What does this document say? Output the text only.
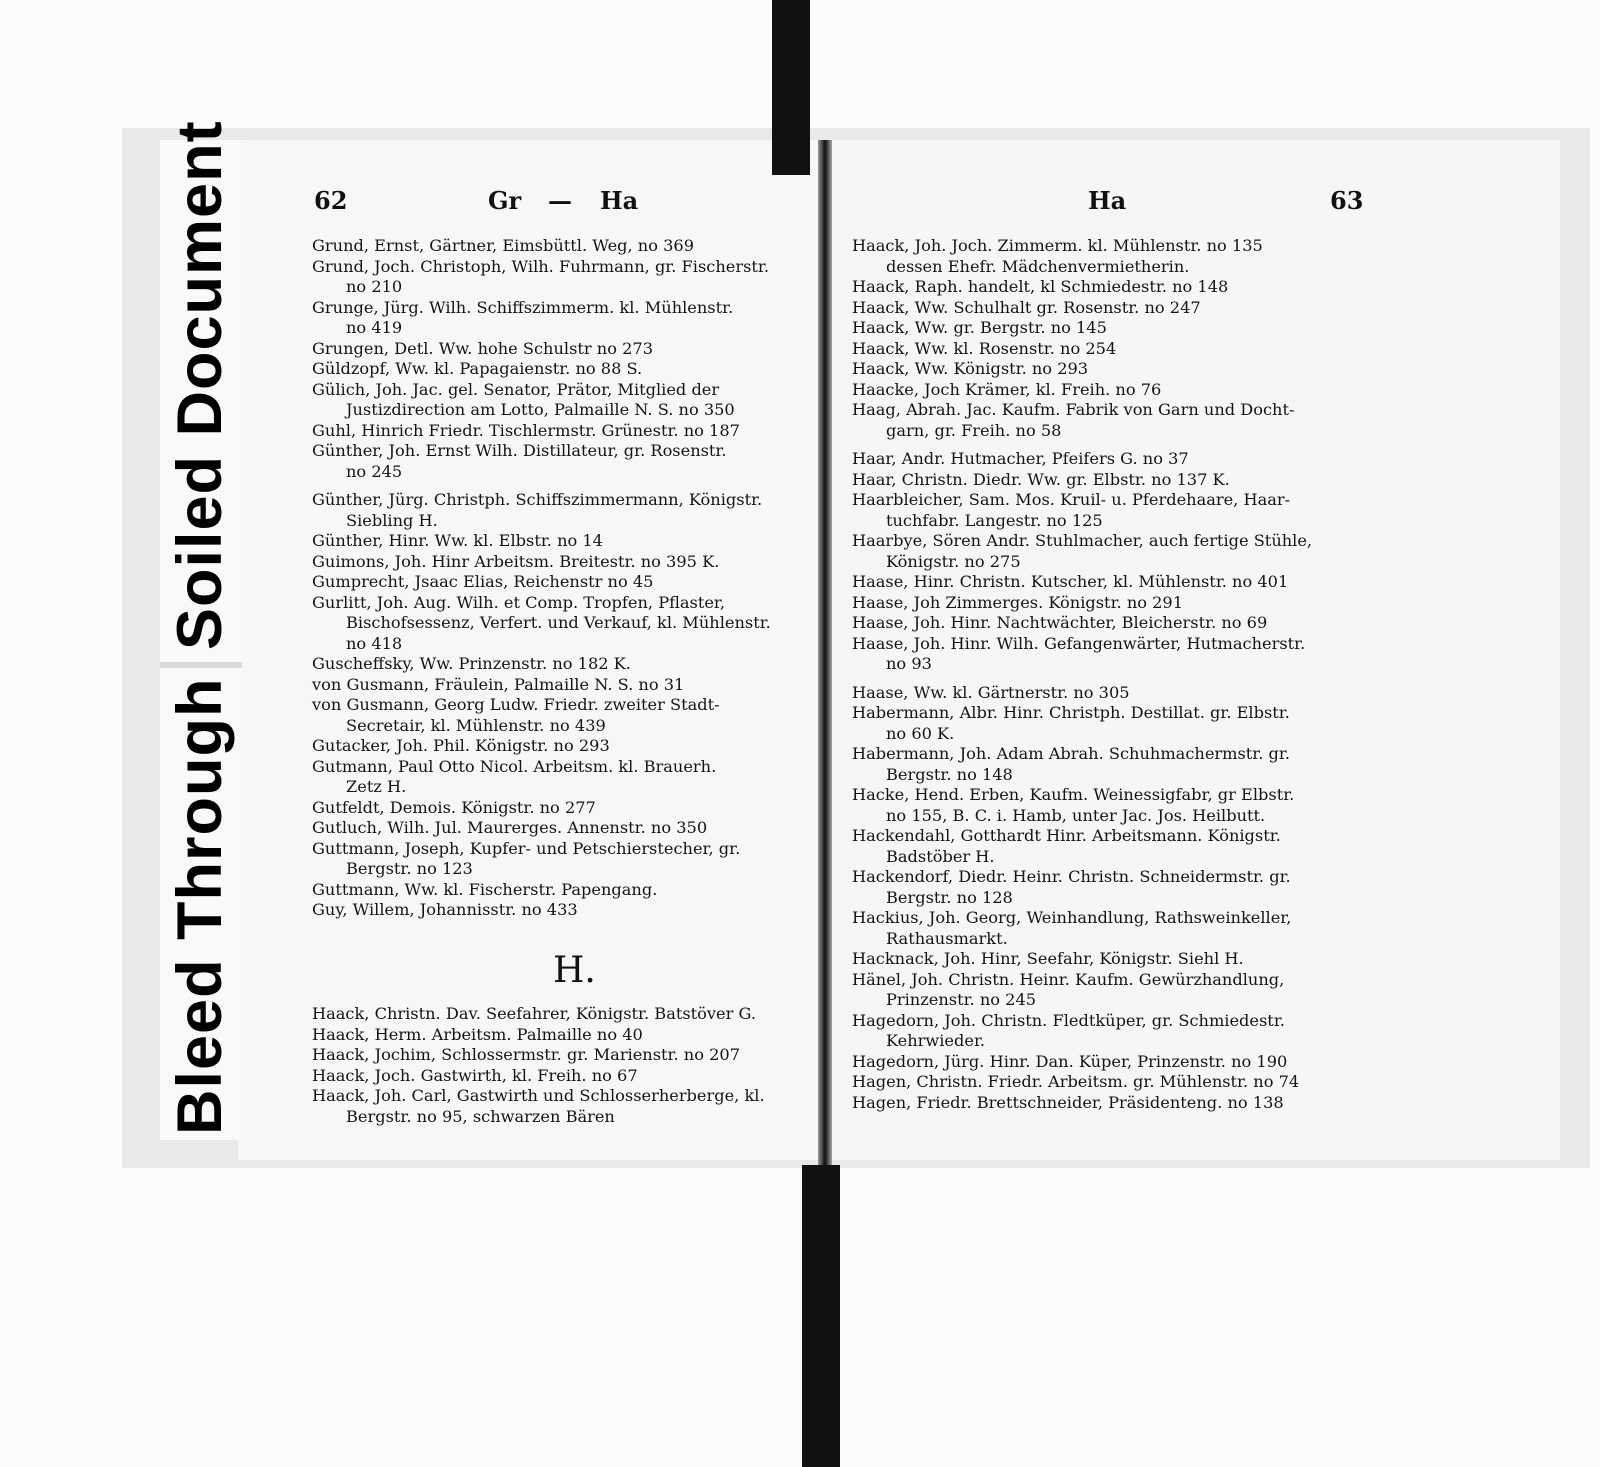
Soiled Document
Bleed Through
62	Gr — Ha	Ha	63
Grund, Ernst, Gärtner, Eimsbüttl. Weg, no 369
Grund, Joch. Christoph, Wilh. Fuhrmann, gr. Fischerstr.
no 210
Grunge, Jürg. Wilh. Schiffszimmerm. kl. Mühlenstr.
no 419
Grungen, Detl. Ww. hohe Schulstr no 273
Güldzopf, Ww. kl. Papagaienstr. no 88 S.
Gülich, Joh. Jac. gel. Senator, Prätor, Mitglied der
Justizdirection am Lotto, Palmaille N. S. no 350
Guhl, Hinrich Friedr. Tischlermstr. Grünestr. no 187
Günther, Joh. Ernst Wilh. Distillateur, gr. Rosenstr.
no 245
Günther, Jürg. Christph. Schiffszimmermann, Königstr.
Siebling H.
Günther, Hinr. Ww. kl. Elbstr. no 14
Guimons, Joh. Hinr Arbeitsm. Breitestr. no 395 K.
Gumprecht, Jsaac Elias, Reichenstr no 45
Gurlitt, Joh. Aug. Wilh. et Comp. Tropfen, Pflaster,
Bischofsessenz, Verfert. und Verkauf, kl. Mühlenstr.
no 418
Guscheffsky, Ww. Prinzenstr. no 182 K.
von Gusmann, Fräulein, Palmaille N. S. no 31
von Gusmann, Georg Ludw. Friedr. zweiter Stadt-
Secretair, kl. Mühlenstr. no 439
Gutacker, Joh. Phil. Königstr. no 293
Gutmann, Paul Otto Nicol. Arbeitsm. kl. Brauerh.
Zetz H.
Gutfeldt, Demois. Königstr. no 277
Gutluch, Wilh. Jul. Maurerges. Annenstr. no 350
Guttmann, Joseph, Kupfer- und Petschierstecher, gr.
Bergstr. no 123
Guttmann, Ww. kl. Fischerstr. Papengang.
Guy, Willem, Johannisstr. no 433
H.
Haack, Christn. Dav. Seefahrer, Königstr. Batstöver G.
Haack, Herm. Arbeitsm. Palmaille no 40
Haack, Jochim, Schlossermstr. gr. Marienstr. no 207
Haack, Joch. Gastwirth, kl. Freih. no 67
Haack, Joh. Carl, Gastwirth und Schlosserherberge, kl.
Bergstr. no 95, schwarzen Bären
Haack, Joh. Joch. Zimmerm. kl. Mühlenstr. no 135
dessen Ehefr. Mädchenvermietherin.
Haack, Raph. handelt, kl Schmiedestr. no 148
Haack, Ww. Schulhalt gr. Rosenstr. no 247
Haack, Ww. gr. Bergstr. no 145
Haack, Ww. kl. Rosenstr. no 254
Haack, Ww. Königstr. no 293
Haacke, Joch Krämer, kl. Freih. no 76
Haag, Abrah. Jac. Kaufm. Fabrik von Garn und Docht-
garn, gr. Freih. no 58
Haar, Andr. Hutmacher, Pfeifers G. no 37
Haar, Christn. Diedr. Ww. gr. Elbstr. no 137 K.
Haarbleicher, Sam. Mos. Kruil- u. Pferdehaare, Haar-
tuchfabr. Langestr. no 125
Haarbye, Sören Andr. Stuhlmacher, auch fertige Stühle,
Königstr. no 275
Haase, Hinr. Christn. Kutscher, kl. Mühlenstr. no 401
Haase, Joh Zimmerges. Königstr. no 291
Haase, Joh. Hinr. Nachtwächter, Bleicherstr. no 69
Haase, Joh. Hinr. Wilh. Gefangenwärter, Hutmacherstr.
no 93
Haase, Ww. kl. Gärtnerstr. no 305
Habermann, Albr. Hinr. Christph. Destillat. gr. Elbstr.
no 60 K.
Habermann, Joh. Adam Abrah. Schuhmachermstr. gr.
Bergstr. no 148
Hacke, Hend. Erben, Kaufm. Weinessigfabr, gr Elbstr.
no 155, B. C. i. Hamb, unter Jac. Jos. Heilbutt.
Hackendahl, Gotthardt Hinr. Arbeitsmann. Königstr.
Badstöber H.
Hackendorf, Diedr. Heinr. Christn. Schneidermstr. gr.
Bergstr. no 128
Hackius, Joh. Georg, Weinhandlung, Rathsweinkeller,
Rathausmarkt.
Hacknack, Joh. Hinr, Seefahr, Königstr. Siehl H.
Hänel, Joh. Christn. Heinr. Kaufm. Gewürzhandlung,
Prinzenstr. no 245
Hagedorn, Joh. Christn. Fledtküper, gr. Schmiedestr.
Kehrwieder.
Hagedorn, Jürg. Hinr. Dan. Küper, Prinzenstr. no 190
Hagen, Christn. Friedr. Arbeitsm. gr. Mühlenstr. no 74
Hagen, Friedr. Brettschneider, Präsidenteng. no 138
